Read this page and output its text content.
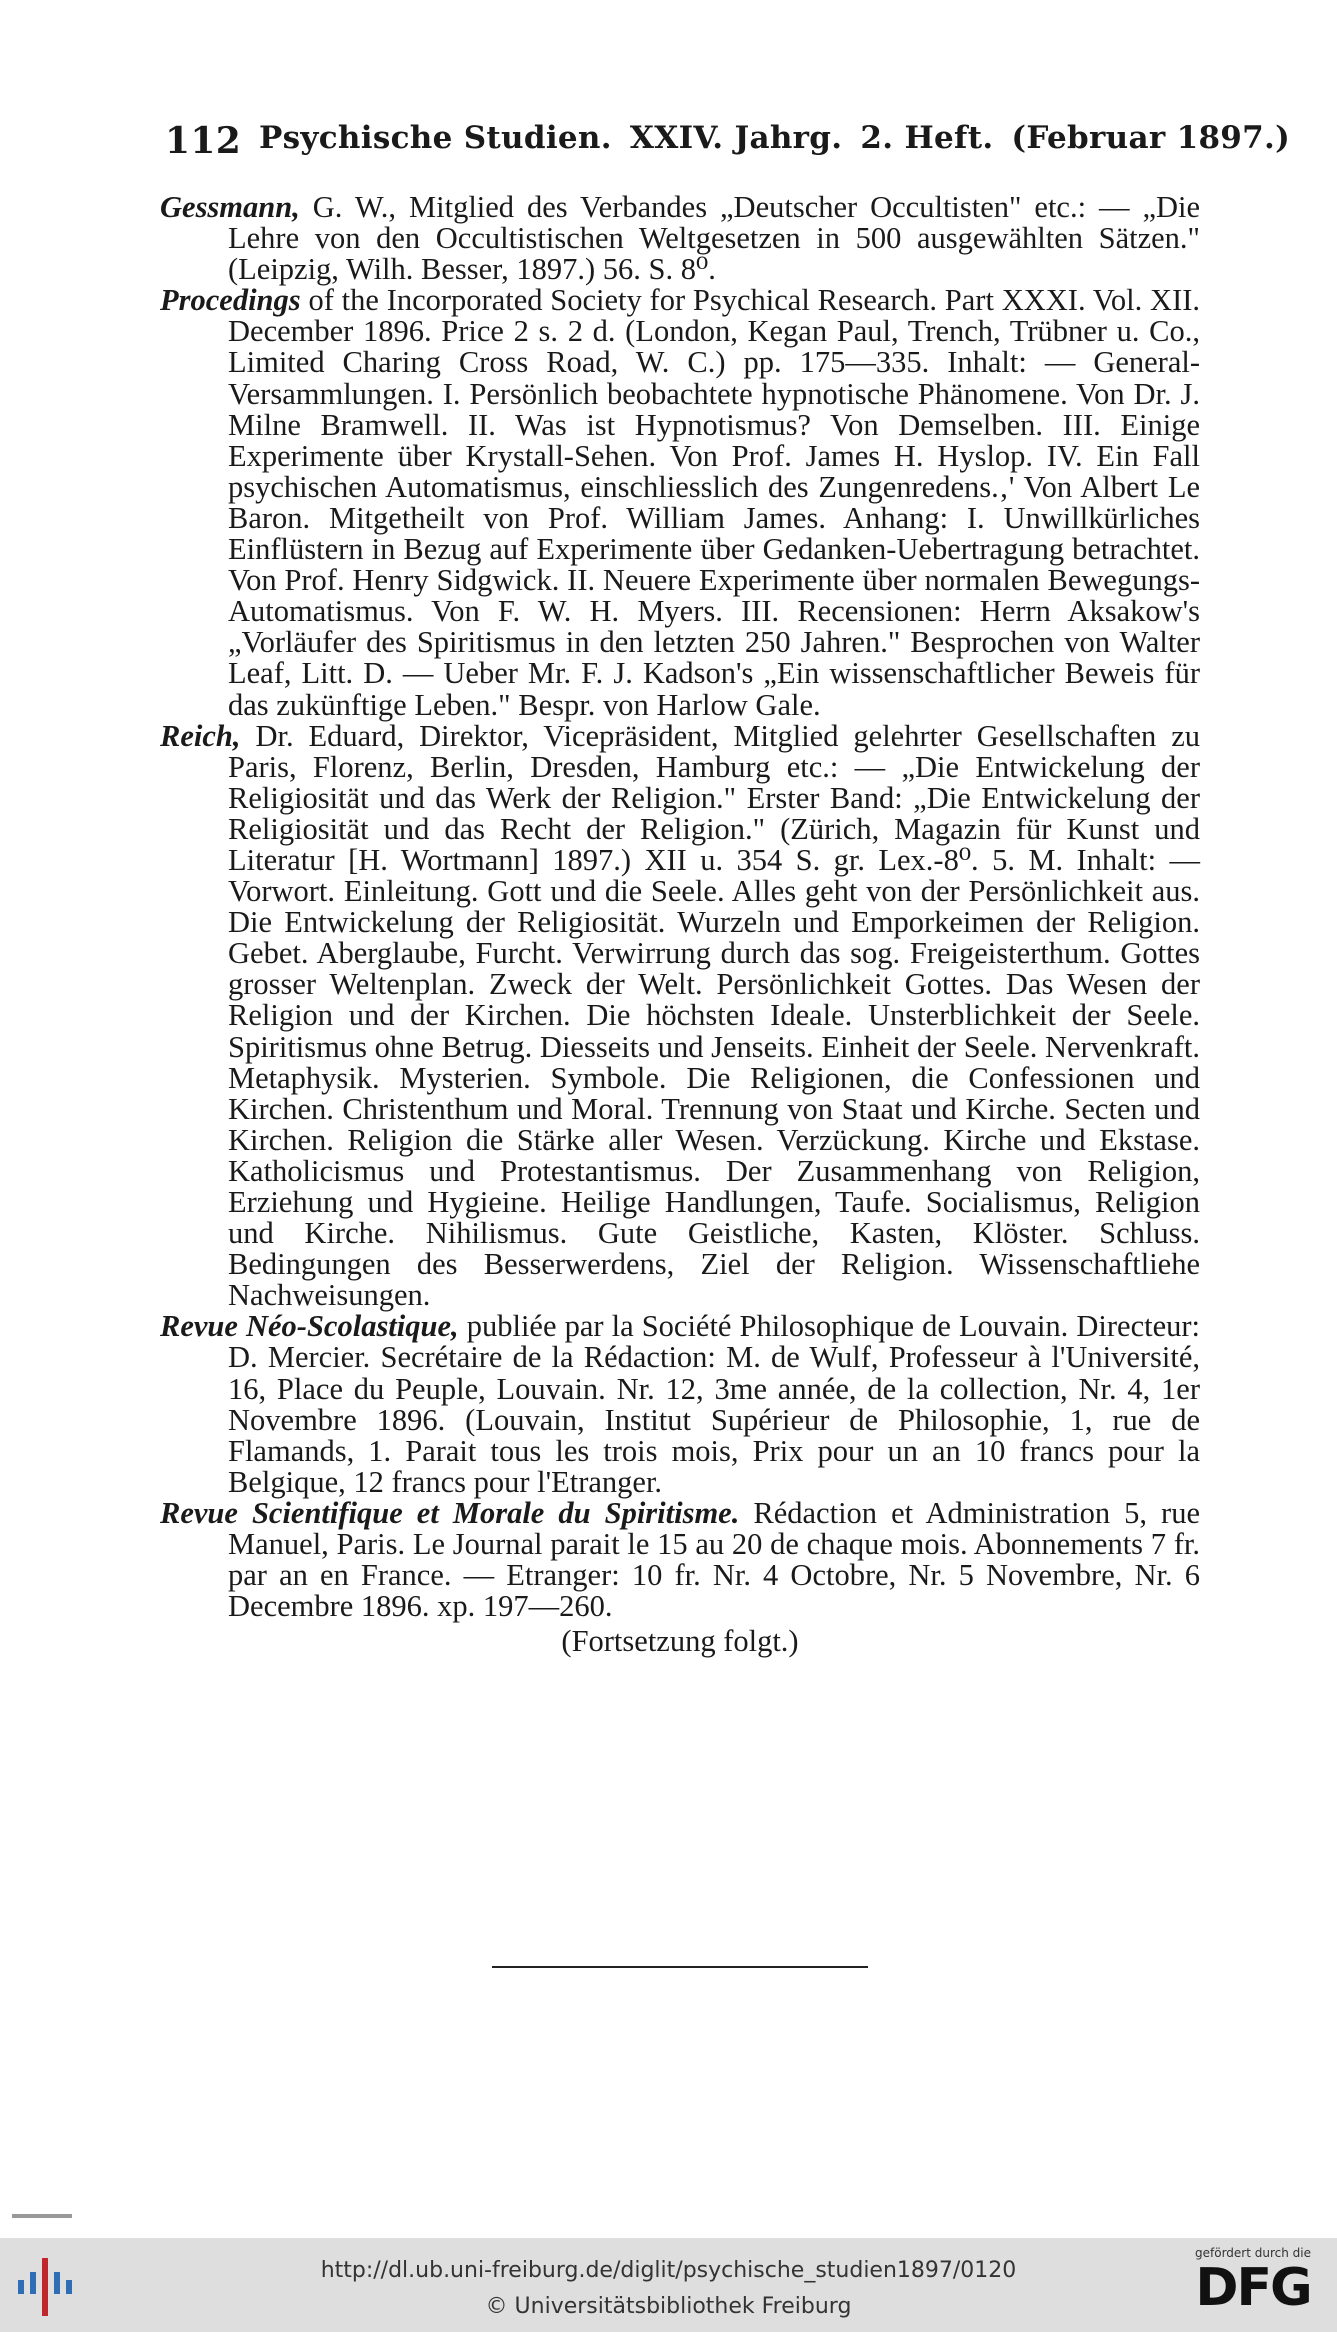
112 Psychische Studien. XXIV. Jahrg. 2. Heft. (Februar 1897.)

Gessmann, G. W., Mitglied des Verbandes „Deutscher Occultisten" etc.: — „Die Lehre von den Occultistischen Weltgesetzen in 500 ausgewählten Sätzen." (Leipzig, Wilh. Besser, 1897.) 56. S. 8⁰.

Procedings of the Incorporated Society for Psychical Research. Part XXXI. Vol. XII. December 1896. Price 2 s. 2 d. (London, Kegan Paul, Trench, Trübner u. Co., Limited Charing Cross Road, W. C.) pp. 175—335. Inhalt: — General-Versammlungen. I. Persönlich beobachtete hypnotische Phänomene. Von Dr. J. Milne Bramwell. II. Was ist Hypnotismus? Von Demselben. III. Einige Experimente über Krystall-Sehen. Von Prof. James H. Hyslop. IV. Ein Fall psychischen Automatismus, einschliesslich des Zungenredens.‚' Von Albert Le Baron. Mitgetheilt von Prof. William James. Anhang: I. Unwillkürliches Einflüstern in Bezug auf Experimente über Gedanken-Uebertragung betrachtet. Von Prof. Henry Sidgwick. II. Neuere Experimente über normalen Bewegungs-Automatismus. Von F. W. H. Myers. III. Recensionen: Herrn Aksakow's „Vorläufer des Spiritismus in den letzten 250 Jahren." Besprochen von Walter Leaf, Litt. D. — Ueber Mr. F. J. Kadson's „Ein wissenschaftlicher Beweis für das zukünftige Leben." Bespr. von Harlow Gale.

Reich, Dr. Eduard, Direktor, Vicepräsident, Mitglied gelehrter Gesellschaften zu Paris, Florenz, Berlin, Dresden, Hamburg etc.: — „Die Entwickelung der Religiosität und das Werk der Religion." Erster Band: „Die Entwickelung der Religiosität und das Recht der Religion." (Zürich, Magazin für Kunst und Literatur [H. Wortmann] 1897.) XII u. 354 S. gr. Lex.-8⁰. 5. M. Inhalt: — Vorwort. Einleitung. Gott und die Seele. Alles geht von der Persönlichkeit aus. Die Entwickelung der Religiosität. Wurzeln und Emporkeimen der Religion. Gebet. Aberglaube, Furcht. Verwirrung durch das sog. Freigeisterthum. Gottes grosser Weltenplan. Zweck der Welt. Persönlichkeit Gottes. Das Wesen der Religion und der Kirchen. Die höchsten Ideale. Unsterblichkeit der Seele. Spiritismus ohne Betrug. Diesseits und Jenseits. Einheit der Seele. Nervenkraft. Metaphysik. Mysterien. Symbole. Die Religionen, die Confessionen und Kirchen. Christenthum und Moral. Trennung von Staat und Kirche. Secten und Kirchen. Religion die Stärke aller Wesen. Verzückung. Kirche und Ekstase. Katholicismus und Protestantismus. Der Zusammenhang von Religion, Erziehung und Hygieine. Heilige Handlungen, Taufe. Socialismus, Religion und Kirche. Nihilismus. Gute Geistliche, Kasten, Klöster. Schluss. Bedingungen des Besserwerdens, Ziel der Religion. Wissenschaftliehe Nachweisungen.

Revue Néo-Scolastique, publiée par la Société Philosophique de Louvain. Directeur: D. Mercier. Secrétaire de la Rédaction: M. de Wulf, Professeur à l'Université, 16, Place du Peuple, Louvain. Nr. 12, 3me année, de la collection, Nr. 4, 1er Novembre 1896. (Louvain, Institut Supérieur de Philosophie, 1, rue de Flamands, 1. Parait tous les trois mois, Prix pour un an 10 francs pour la Belgique, 12 francs pour l'Etranger.

Revue Scientifique et Morale du Spiritisme. Rédaction et Administration 5, rue Manuel, Paris. Le Journal parait le 15 au 20 de chaque mois. Abonnements 7 fr. par an en France. — Etranger: 10 fr. Nr. 4 Octobre, Nr. 5 Novembre, Nr. 6 Decembre 1896. xp. 197—260.

(Fortsetzung folgt.)
http://dl.ub.uni-freiburg.de/diglit/psychische_studien1897/0120
© Universitätsbibliothek Freiburg
gefördert durch die
DFG
